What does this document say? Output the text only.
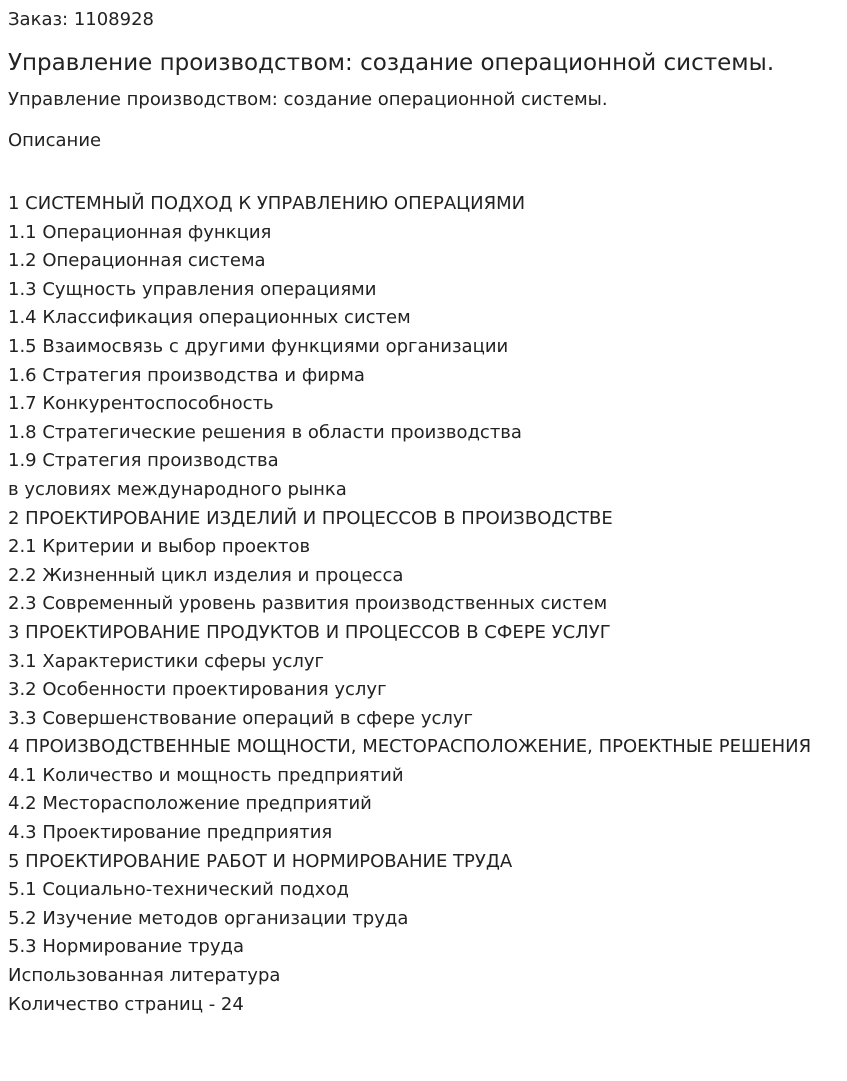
Заказ: 1108928
Управление производством: создание операционной системы.
Управление производством: создание операционной системы.
Описание
1 СИСТЕМНЫЙ ПОДХОД К УПРАВЛЕНИЮ ОПЕРАЦИЯМИ
1.1 Операционная функция
1.2 Операционная система
1.3 Сущность управления операциями
1.4 Классификация операционных систем
1.5 Взаимосвязь с другими функциями организации
1.6 Стратегия производства и фирма
1.7 Конкурентоспособность
1.8 Стратегические решения в области производства
1.9 Стратегия производства
в условиях международного рынка
2 ПРОЕКТИРОВАНИЕ ИЗДЕЛИЙ И ПРОЦЕССОВ В ПРОИЗВОДСТВЕ
2.1 Критерии и выбор проектов
2.2 Жизненный цикл изделия и процесса
2.3 Современный уровень развития производственных систем
3 ПРОЕКТИРОВАНИЕ ПРОДУКТОВ И ПРОЦЕССОВ В СФЕРЕ УСЛУГ
3.1 Характеристики сферы услуг
3.2 Особенности проектирования услуг
3.3 Совершенствование операций в сфере услуг
4 ПРОИЗВОДСТВЕННЫЕ МОЩНОСТИ, МЕСТОРАСПОЛОЖЕНИЕ, ПРОЕКТНЫЕ РЕШЕНИЯ
4.1 Количество и мощность предприятий
4.2 Месторасположение предприятий
4.3 Проектирование предприятия
5 ПРОЕКТИРОВАНИЕ РАБОТ И НОРМИРОВАНИЕ ТРУДА
5.1 Социально-технический подход
5.2 Изучение методов организации труда
5.3 Нормирование труда
Использованная литература
Количество страниц - 24
